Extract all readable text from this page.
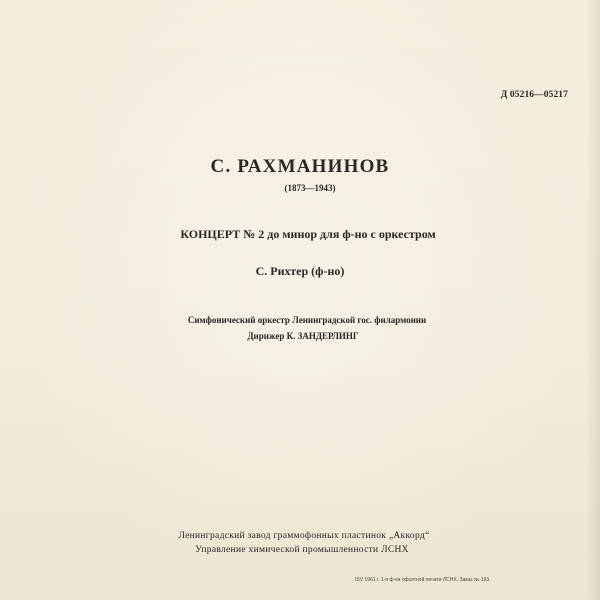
Д 05216—05217
С. РАХМАНИНОВ
(1873—1943)
КОНЦЕРТ № 2 до минор для ф-но с оркестром
С. Рихтер (ф-но)
Симфонический оркестр Ленинградской гос. филармонии
Дирижер К. ЗАНДЕРЛИНГ
Ленинградский завод граммофонных пластинок „Аккорд“
Управление химической промышленности ЛСНХ
ISV 1961 г. 1-я ф-ка офсетной печати ЛСНХ. Заказ № 193.
